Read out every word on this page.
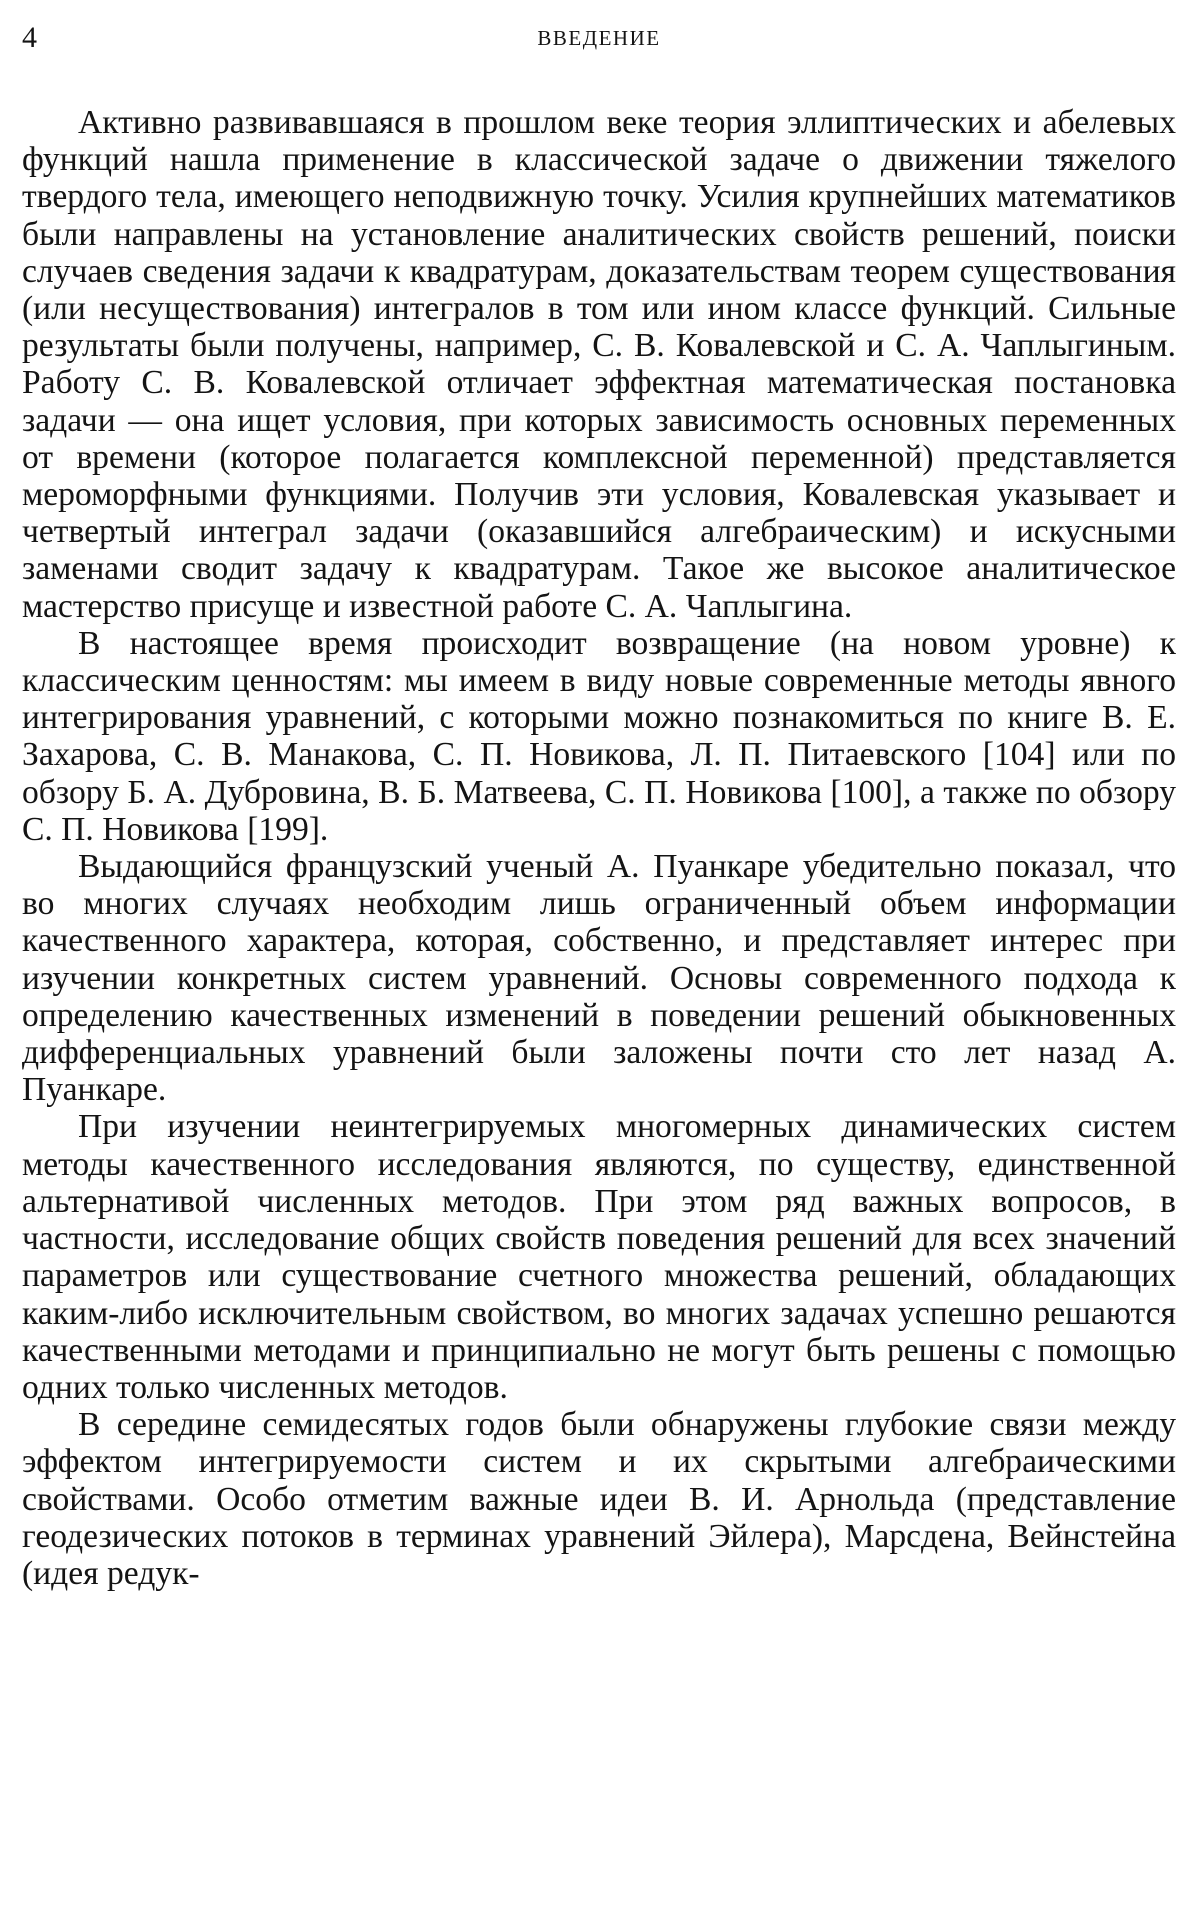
4	ВВЕДЕНИЕ

Активно развивавшаяся в прошлом веке теория эллиптических и абелевых функций нашла применение в классической задаче о движении тяжелого твердого тела, имеющего неподвижную точку. Усилия крупнейших математиков были направлены на установление аналитических свойств решений, поиски случаев сведения задачи к квадратурам, доказательствам теорем существования (или несуществования) интегралов в том или ином классе функций. Сильные результаты были получены, например, С. В. Ковалевской и С. А. Чаплыгиным. Работу С. В. Ковалевской отличает эффектная математическая постановка задачи — она ищет условия, при которых зависимость основных переменных от времени (которое полагается комплексной переменной) представляется мероморфными функциями. Получив эти условия, Ковалевская указывает и четвертый интеграл задачи (оказавшийся алгебраическим) и искусными заменами сводит задачу к квадратурам. Такое же высокое аналитическое мастерство присуще и известной работе С. А. Чаплыгина.

В настоящее время происходит возвращение (на новом уровне) к классическим ценностям: мы имеем в виду новые современные методы явного интегрирования уравнений, с которыми можно познакомиться по книге В. Е. Захарова, С. В. Манакова, С. П. Новикова, Л. П. Питаевского [104] или по обзору Б. А. Дубровина, В. Б. Матвеева, С. П. Новикова [100], а также по обзору С. П. Новикова [199].

Выдающийся французский ученый А. Пуанкаре убедительно показал, что во многих случаях необходим лишь ограниченный объем информации качественного характера, которая, собственно, и представляет интерес при изучении конкретных систем уравнений. Основы современного подхода к определению качественных изменений в поведении решений обыкновенных дифференциальных уравнений были заложены почти сто лет назад А. Пуанкаре.

При изучении неинтегрируемых многомерных динамических систем методы качественного исследования являются, по существу, единственной альтернативой численных методов. При этом ряд важных вопросов, в частности, исследование общих свойств поведения решений для всех значений параметров или существование счетного множества решений, обладающих каким-либо исключительным свойством, во многих задачах успешно решаются качественными методами и принципиально не могут быть решены с помощью одних только численных методов.

В середине семидесятых годов были обнаружены глубокие связи между эффектом интегрируемости систем и их скрытыми алгебраическими свойствами. Особо отметим важные идеи В. И. Арнольда (представление геодезических потоков в терминах уравнений Эйлера), Марсдена, Вейнстейна (идея редук-
